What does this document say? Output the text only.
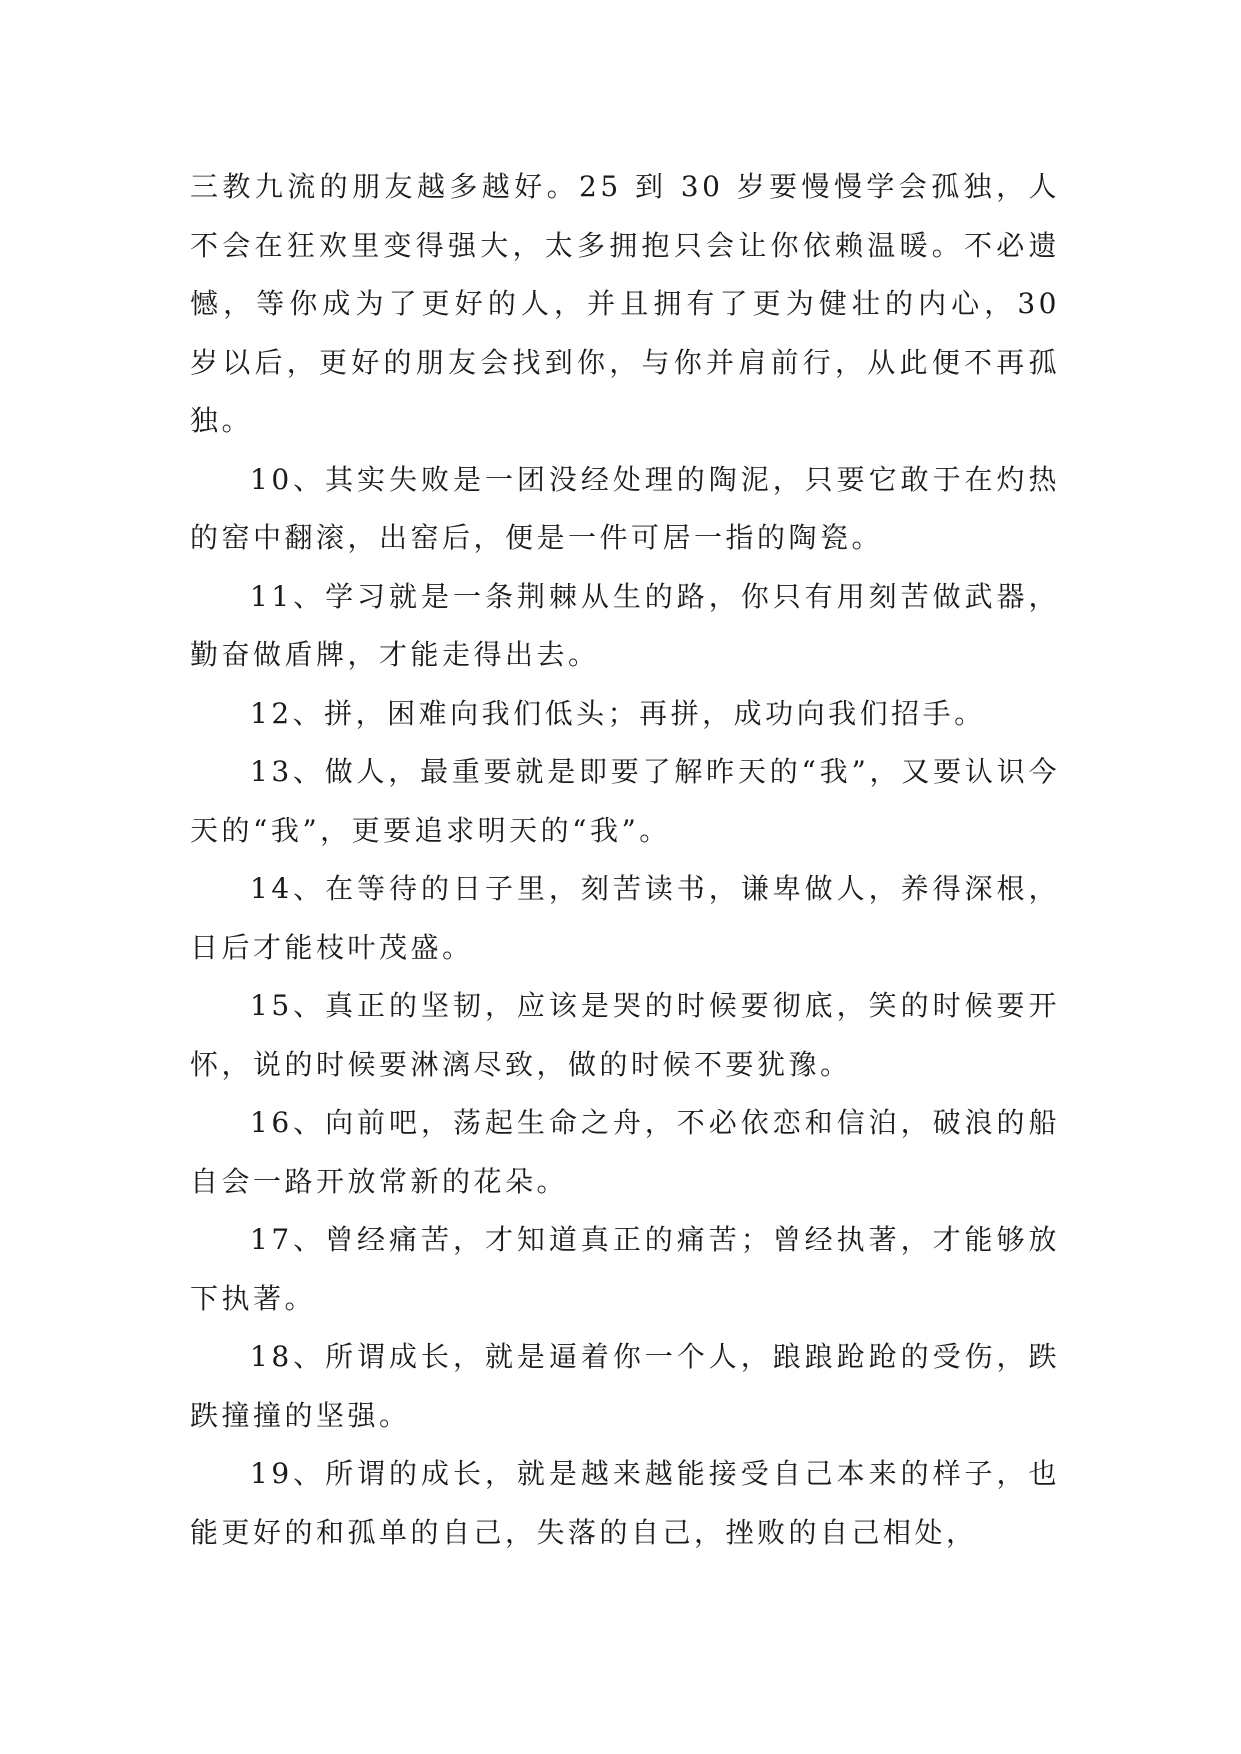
三教九流的朋友越多越好。25 到 30 岁要慢慢学会孤独，人不会在狂欢里变得强大，太多拥抱只会让你依赖温暖。不必遗憾，等你成为了更好的人，并且拥有了更为健壮的内心，30 岁以后，更好的朋友会找到你，与你并肩前行，从此便不再孤独。

10、其实失败是一团没经处理的陶泥，只要它敢于在灼热的窑中翻滚，出窑后，便是一件可居一指的陶瓷。

11、学习就是一条荆棘从生的路，你只有用刻苦做武器，勤奋做盾牌，才能走得出去。

12、拼，困难向我们低头；再拼，成功向我们招手。

13、做人，最重要就是即要了解昨天的“我”，又要认识今天的“我”，更要追求明天的“我”。

14、在等待的日子里，刻苦读书，谦卑做人，养得深根，日后才能枝叶茂盛。

15、真正的坚韧，应该是哭的时候要彻底，笑的时候要开怀，说的时候要淋漓尽致，做的时候不要犹豫。

16、向前吧，荡起生命之舟，不必依恋和信泊，破浪的船自会一路开放常新的花朵。

17、曾经痛苦，才知道真正的痛苦；曾经执著，才能够放下执著。

18、所谓成长，就是逼着你一个人，踉踉跄跄的受伤，跌跌撞撞的坚强。

19、所谓的成长，就是越来越能接受自己本来的样子，也能更好的和孤单的自己，失落的自己，挫败的自己相处，
